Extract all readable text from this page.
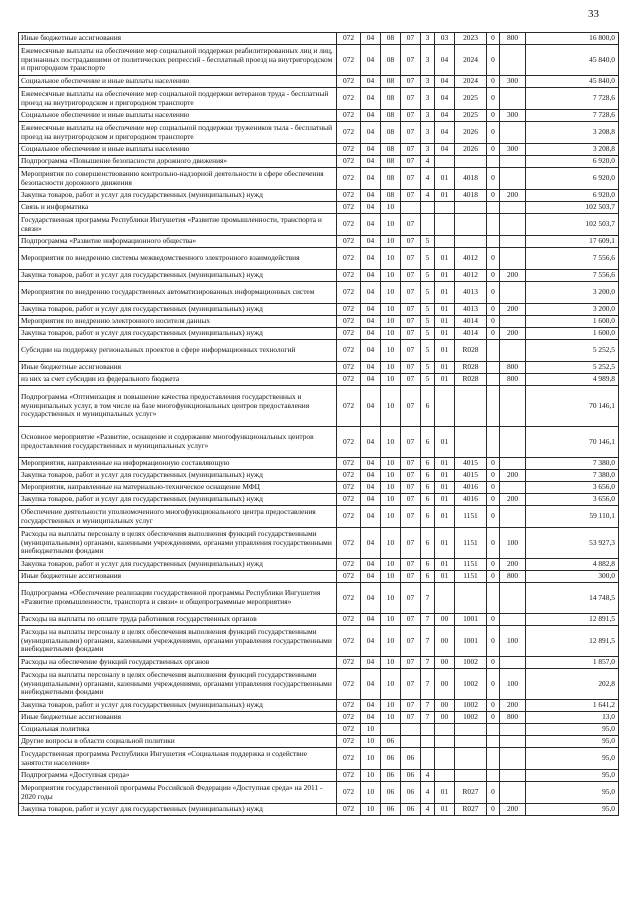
33
Иные бюджетные ассигнования	072	04	08	07	3	03	2023	0	800	16 800,0
Ежемесячные выплаты на обеспечение мер социальной поддержки реабилитированных лиц и лиц, признанных пострадавшими от политических репрессий - бесплатный проезд на внутригородском и пригородном транспорте	072	04	08	07	3	04	2024	0		45 840,0
Социальное обеспечение и иные выплаты населению	072	04	08	07	3	04	2024	0	300	45 840,0
Ежемесячные выплаты на обеспечение мер социальной поддержки ветеранов труда - бесплатный проезд на внутригородском и пригородном транспорте	072	04	08	07	3	04	2025	0		7 728,6
Социальное обеспечение и иные выплаты населению	072	04	08	07	3	04	2025	0	300	7 728,6
Ежемесячные выплаты на обеспечение мер социальной поддержки тружеников тыла - бесплатный проезд на внутригородском и пригородном транспорте	072	04	08	07	3	04	2026	0		3 208,8
Социальное обеспечение и иные выплаты населению	072	04	08	07	3	04	2026	0	300	3 208,8
Подпрограмма «Повышение безопасности дорожного движения»	072	04	08	07	4					6 920,0
Мероприятия по совершенствованию контрольно-надзорной деятельности в сфере обеспечения безопасности дорожного движения	072	04	08	07	4	01	4018	0		6 920,0
Закупка товаров, работ и услуг для государственных (муниципальных) нужд	072	04	08	07	4	01	4018	0	200	6 920,0
Связь и информатика	072	04	10							102 503,7
Государственная программа Республики Ингушетия «Развитие промышленности, транспорта и связи»	072	04	10	07						102 503,7
Подпрограмма «Развитие информационного общества»	072	04	10	07	5					17 609,1
Мероприятия по внедрению системы межведомственного электронного взаимодействия	072	04	10	07	5	01	4012	0		7 556,6
Закупка товаров, работ и услуг для государственных (муниципальных) нужд	072	04	10	07	5	01	4012	0	200	7 556,6
Мероприятия по внедрению государственных автоматизированных информационных систем	072	04	10	07	5	01	4013	0		3 200,0
Закупка товаров, работ и услуг для государственных (муниципальных) нужд	072	04	10	07	5	01	4013	0	200	3 200,0
Мероприятия по внедрению электронного носителя данных	072	04	10	07	5	01	4014	0		1 600,0
Закупка товаров, работ и услуг для государственных (муниципальных) нужд	072	04	10	07	5	01	4014	0	200	1 600,0
Субсидии на поддержку региональных проектов в сфере информационных технологий	072	04	10	07	5	01	R028			5 252,5
Иные бюджетные ассигнования	072	04	10	07	5	01	R028		800	5 252,5
из них за счет субсидии из федерального бюджета	072	04	10	07	5	01	R028		800	4 989,8
Подпрограмма «Оптимизация и повышение качества предоставления государственных и муниципальных услуг, в том числе на базе многофункциональных центров предоставления государственных и муниципальных услуг»	072	04	10	07	6					70 146,1
Основное мероприятие «Развитие, оснащение и содержание многофункциональных центров предоставления государственных и муниципальных услуг»	072	04	10	07	6	01				70 146,1
Мероприятия, направленные на информационную составляющую	072	04	10	07	6	01	4015	0		7 380,0
Закупка товаров, работ и услуг для государственных (муниципальных) нужд	072	04	10	07	6	01	4015	0	200	7 380,0
Мероприятия, направленные на материально-техническое оснащение МФЦ	072	04	10	07	6	01	4016	0		3 656,0
Закупка товаров, работ и услуг для государственных (муниципальных) нужд	072	04	10	07	6	01	4016	0	200	3 656,0
Обеспечение деятельности уполномоченного многофункционального центра предоставления государственных и муниципальных услуг	072	04	10	07	6	01	1151	0		59 110,1
Расходы на выплаты персоналу в целях обеспечения выполнения функций государственными (муниципальными) органами, казенными учреждениями, органами управления государственными внебюджетными фондами	072	04	10	07	6	01	1151	0	100	53 927,3
Закупка товаров, работ и услуг для государственных (муниципальных) нужд	072	04	10	07	6	01	1151	0	200	4 882,8
Иные бюджетные ассигнования	072	04	10	07	6	01	1151	0	800	300,0
Подпрограмма «Обеспечение реализации государственной программы Республики Ингушетия «Развитие промышленности, транспорта и связи» и общепрограммные мероприятия»	072	04	10	07	7					14 748,5
Расходы на выплаты по оплате труда работников государственных органов	072	04	10	07	7	00	1001	0		12 891,5
Расходы на выплаты персоналу в целях обеспечения выполнения функций государственными (муниципальными) органами, казенными учреждениями, органами управления государственными внебюджетными фондами	072	04	10	07	7	00	1001	0	100	12 891,5
Расходы на обеспечение функций государственных органов	072	04	10	07	7	00	1002	0		1 857,0
Расходы на выплаты персоналу в целях обеспечения выполнения функций государственными (муниципальными) органами, казенными учреждениями, органами управления государственными внебюджетными фондами	072	04	10	07	7	00	1002	0	100	202,8
Закупка товаров, работ и услуг для государственных (муниципальных) нужд	072	04	10	07	7	00	1002	0	200	1 641,2
Иные бюджетные ассигнования	072	04	10	07	7	00	1002	0	800	13,0
Социальная политика	072	10								95,0
Другие вопросы в области социальной политики	072	10	06							95,0
Государственная программа Республики Ингушетия «Социальная поддержка и содействие занятости населения»	072	10	06	06						95,0
Подпрограмма «Доступная среда»	072	10	06	06	4					95,0
Мероприятия государственной программы Российской Федерации «Доступная среда» на 2011 - 2020 годы	072	10	06	06	4	01	R027	0		95,0
Закупка товаров, работ и услуг для государственных (муниципальных) нужд	072	10	06	06	4	01	R027	0	200	95,0
